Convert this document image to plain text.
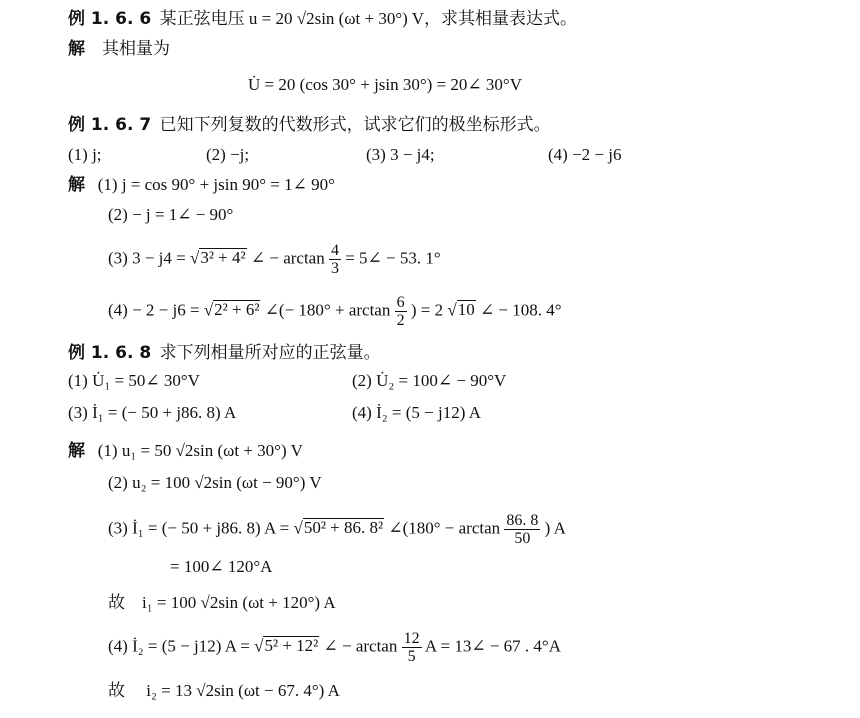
例 1. 6. 6 某正弦电压 u = 20 √2sin (ωt + 30°) V，求其相量表达式。
解 其相量为
U̇ = 20 (cos 30° + jsin 30°) = 20∠ 30°V
例 1. 6. 7 已知下列复数的代数形式，试求它们的极坐标形式。
(1) j;	(2) −j;	(3) 3 − j4;	(4) −2 − j6
解 (1) j = cos 90° + jsin 90° = 1∠ 90°
(2) − j = 1∠ − 90°
(3) 3 − j4 = √3² + 4² ∠ − $\arctan \frac{4}{3}$ = 5∠ − 53. 1°
(4) − 2 − j6 = √2² + 6² ∠(− $180^\circ + \arctan \frac{6}{2}$ ) = 2 √10 ∠ − 108. 4°
例 1. 6. 8 求下列相量所对应的正弦量。
(1) U̇₁ = 50∠ 30°V	(2) U̇₂ = 100∠ − 90°V
(3) İ₁ = (− 50 + j86. 8) A	(4) İ₂ = (5 − j12) A
解 (1) u₁ = 50 √2sin (ωt + 30°) V
(2) u₂ = 100 √2sin (ωt − 90°) V
(3) İ₁ = (− 50 + j86. 8) A = √50² + 86. 8² ∠(180° − $\arctan \frac{86. 8}{50}$ ) A
= 100∠ 120°A
故 i₁ = 100 √2sin (ωt + 120°) A
(4) İ₂ = (5 − j12) A = √5² + 12² ∠ − $\arctan \frac{12}{5}$ A = 13∠ − 67 . 4°A
故 i₂ = 13 √2sin (ωt − 67. 4°) A
